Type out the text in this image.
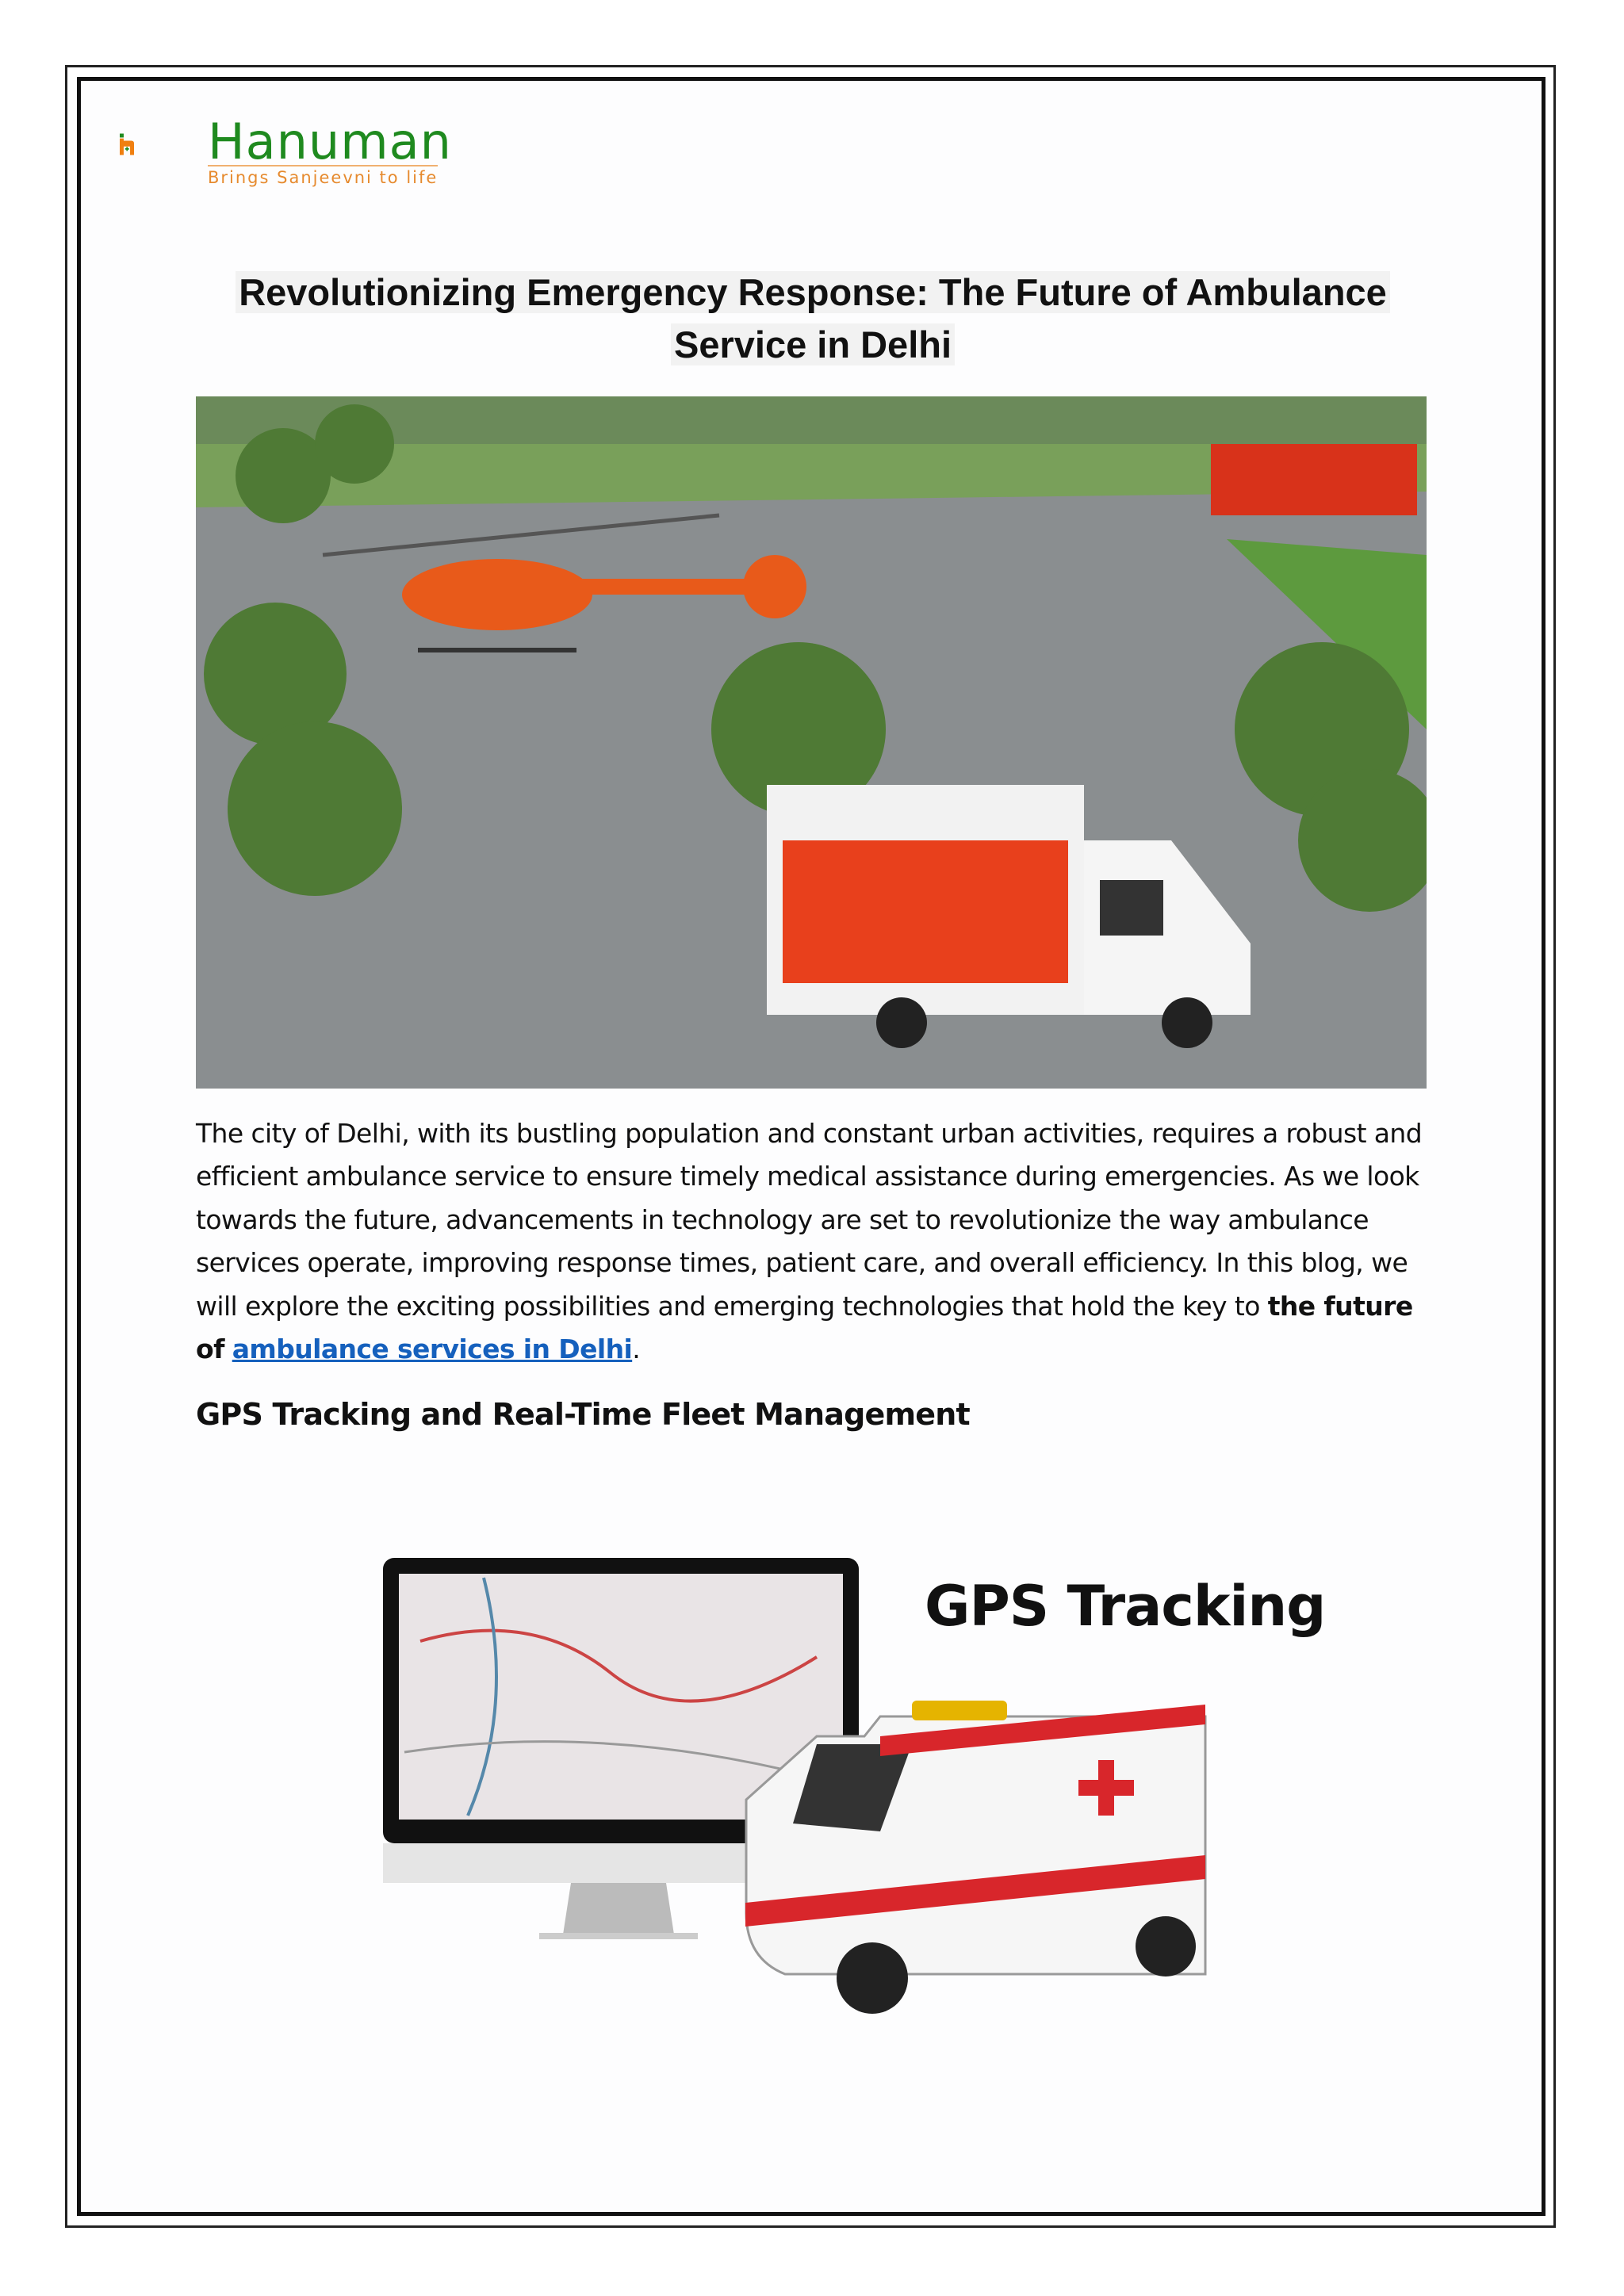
Hanuman
Brings Sanjeevni to life
Revolutionizing Emergency Response: The Future of Ambulance
Service in Delhi
The city of Delhi, with its bustling population and constant urban activities, requires a robust and efficient ambulance service to ensure timely medical assistance during emergencies. As we look towards the future, advancements in technology are set to revolutionize the way ambulance services operate, improving response times, patient care, and overall efficiency. In this blog, we will explore the exciting possibilities and emerging technologies that hold the key to the future of ambulance services in Delhi.
GPS Tracking and Real-Time Fleet Management
GPS Tracking
